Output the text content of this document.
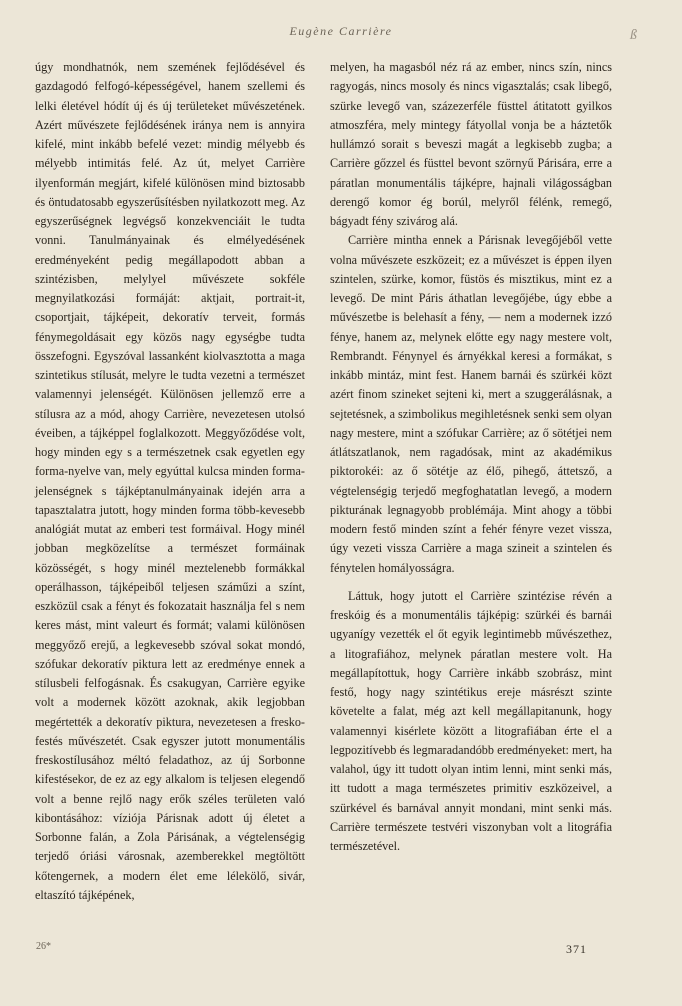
Eugène Carrière	ß

úgy mondhatnók, nem szemének fejlődésével és gazdagodó felfogó-képességével, hanem szellemi és lelki életével hódít új és új területeket művészetének. Azért művészete fejlődésének iránya nem is annyira kifelé, mint inkább befelé vezet: mindig mélyebb és mélyebb intimitás felé. Az út, melyet Carrière ilyenformán megjárt, kifelé különösen mind biztosabb és öntudatosabb egyszerűsítésben nyilatkozott meg. Az egyszerűségnek legvégső konzekvenciáit le tudta vonni. Tanulmányainak és elmélyedésének eredményeként pedig megállapodott abban a szintézisben, melylyel művészete sokféle megnyilatkozási formáját: aktjait, portrait-it, csoportjait, tájképeit, dekoratív terveit, formás fénymegoldásait egy közös nagy egységbe tudta összefogni. Egyszóval lassanként kiolvasztotta a maga szintetikus stílusát, melyre le tudta vezetni a természet valamennyi jelenségét. Különösen jellemző erre a stílusra az a mód, ahogy Carrière, nevezetesen utolsó éveiben, a tájképpel foglalkozott. Meggyőződése volt, hogy minden egy s a természetnek csak egyetlen egy forma-nyelve van, mely egyúttal kulcsa minden forma-jelenségnek s tájképtanulmányainak idején arra a tapasztalatra jutott, hogy minden forma több-kevesebb analógiát mutat az emberi test formáival. Hogy minél jobban megközelítse a természet formáinak közösségét, s hogy minél meztelenebb formákkal operálhasson, tájképeiből teljesen száműzi a színt, eszközül csak a fényt és fokozatait használja fel s nem keres mást, mint valeurt és formát; valami különösen meggyőző erejű, a legkevesebb szóval sokat mondó, szófukar dekoratív piktura lett az eredménye ennek a stílusbeli felfogásnak. És csakugyan, Carrière egyike volt a modernek között azoknak, akik legjobban megértették a dekoratív piktura, nevezetesen a fresko-festés művészetét. Csak egyszer jutott monumentális freskostílusához méltó feladathoz, az új Sorbonne kifestésekor, de ez az egy alkalom is teljesen elegendő volt a benne rejlő nagy erők széles területen való kibontásához: víziója Párisnak adott új életet a Sorbonne falán, a Zola Párisának, a végtelenségig terjedő óriási városnak, azemberekkel megtöltött kőtengernek, a modern élet eme lélekölő, sivár, eltaszító tájképének,

melyen, ha magasból néz rá az ember, nincs szín, nincs ragyogás, nincs mosoly és nincs vigasztalás; csak libegő, szürke levegő van, százezerféle füsttel átitatott gyilkos atmoszféra, mely mintegy fátyollal vonja be a háztetők hullámzó sorait s beveszi magát a legkisebb zugba; a Carrière gőzzel és füsttel bevont szörnyű Párisára, erre a páratlan monumentális tájképre, hajnali világosságban derengő komor ég borúl, melyről félénk, remegő, bágyadt fény szivárog alá.

Carrière mintha ennek a Párisnak levegőjéből vette volna művészete eszközeit; ez a művészet is éppen ilyen szintelen, szürke, komor, füstös és misztikus, mint ez a levegő. De mint Páris áthatlan levegőjébe, úgy ebbe a művészetbe is belehasít a fény, — nem a modernek izzó fénye, hanem az, melynek előtte egy nagy mestere volt, Rembrandt. Fénynyel és árnyékkal keresi a formákat, s inkább mintáz, mint fest. Hanem barnái és szürkéi közt azért finom szineket sejteni ki, mert a szuggerálásnak, a sejtetésnek, a szimbolikus megihletésnek senki sem olyan nagy mestere, mint a szófukar Carrière; az ő sötétjei nem átlátszatlanok, nem ragadósak, mint az akadémikus piktorokéi: az ő sötétje az élő, pihegő, áttetsző, a végtelenségig terjedő megfoghatatlan levegő, a modern pikturának legnagyobb problémája. Mint ahogy a többi modern festő minden színt a fehér fényre vezet vissza, úgy vezeti vissza Carrière a maga szineit a szintelen és fénytelen homályosságra.

Láttuk, hogy jutott el Carrière szintézise révén a freskóig és a monumentális tájképig: szürkéi és barnái ugyanígy vezették el őt egyik legintimebb művészethez, a litografiához, melynek páratlan mestere volt. Ha megállapítottuk, hogy Carrière inkább szobrász, mint festő, hogy nagy szintétikus ereje másrészt szinte követelte a falat, még azt kell megállapitanunk, hogy valamennyi kisérlete között a litografiában érte el a legpozitívebb és legmaradandóbb eredményeket: mert, ha valahol, úgy itt tudott olyan intim lenni, mint senki más, itt tudott a maga természetes primitiv eszközeivel, a szürkével és barnával annyit mondani, mint senki más. Carrière természete testvéri viszonyban volt a litográfia természetével.

26*	371
